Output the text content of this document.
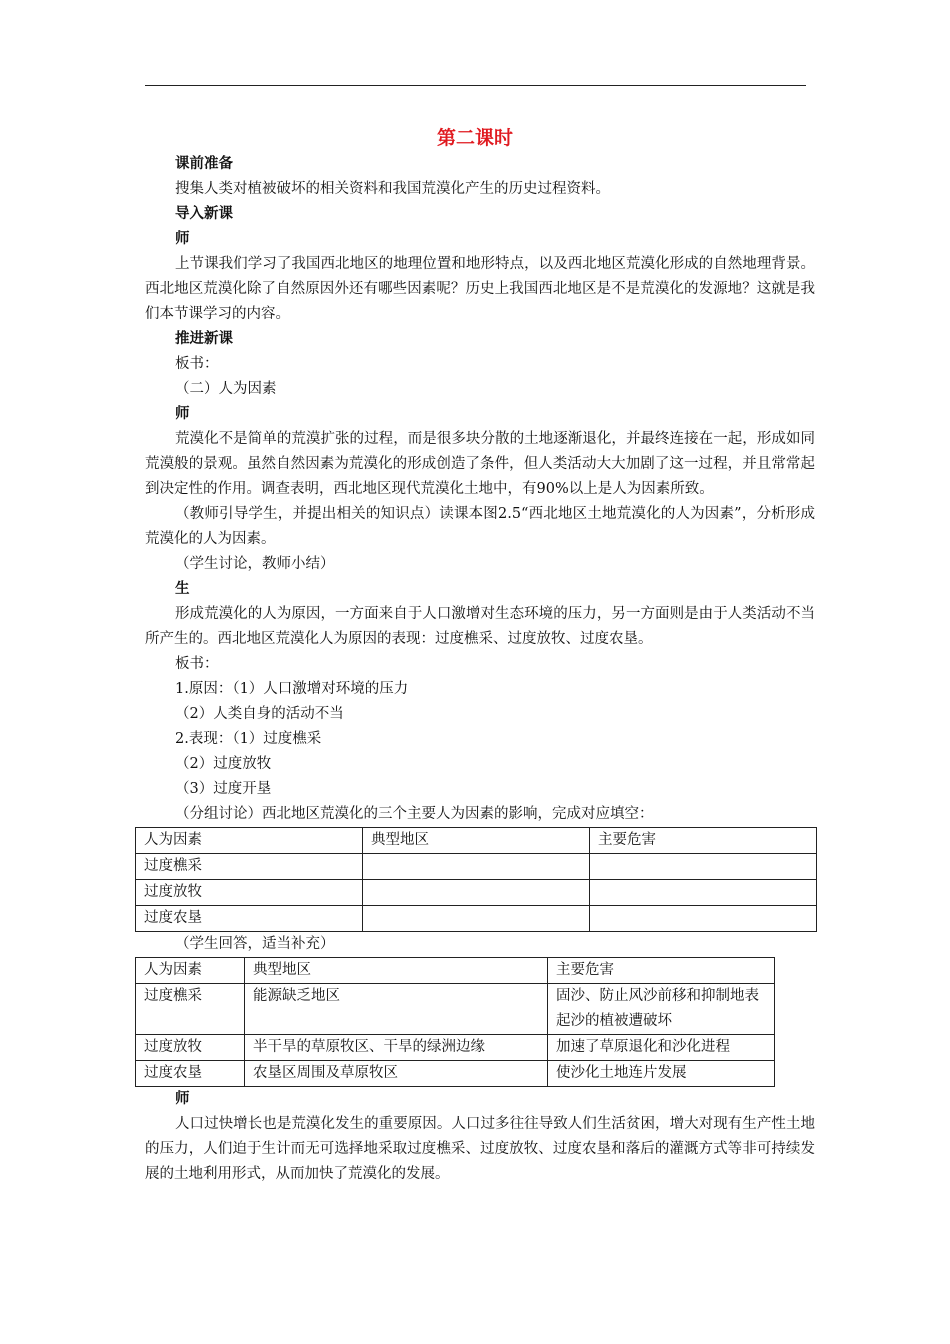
第二课时
课前准备
搜集人类对植被破坏的相关资料和我国荒漠化产生的历史过程资料。
导入新课
师
上节课我们学习了我国西北地区的地理位置和地形特点，以及西北地区荒漠化形成的自然地理背景。西北地区荒漠化除了自然原因外还有哪些因素呢？历史上我国西北地区是不是荒漠化的发源地？这就是我们本节课学习的内容。
推进新课
板书：
（二）人为因素
师
荒漠化不是简单的荒漠扩张的过程，而是很多块分散的土地逐渐退化，并最终连接在一起，形成如同荒漠般的景观。虽然自然因素为荒漠化的形成创造了条件，但人类活动大大加剧了这一过程，并且常常起到决定性的作用。调查表明，西北地区现代荒漠化土地中，有90%以上是人为因素所致。
（教师引导学生，并提出相关的知识点）读课本图2.5“西北地区土地荒漠化的人为因素”，分析形成荒漠化的人为因素。
（学生讨论，教师小结）
生
形成荒漠化的人为原因，一方面来自于人口激增对生态环境的压力，另一方面则是由于人类活动不当所产生的。西北地区荒漠化人为原因的表现：过度樵采、过度放牧、过度农垦。
板书：
1.原因：（1）人口激增对环境的压力
（2）人类自身的活动不当
2.表现：（1）过度樵采
（2）过度放牧
（3）过度开垦
（分组讨论）西北地区荒漠化的三个主要人为因素的影响，完成对应填空：
人为因素	典型地区	主要危害
过度樵采		
过度放牧		
过度农垦		
（学生回答，适当补充）
人为因素	典型地区	主要危害
过度樵采	能源缺乏地区	固沙、防止风沙前移和抑制地表起沙的植被遭破坏
过度放牧	半干旱的草原牧区、干旱的绿洲边缘	加速了草原退化和沙化进程
过度农垦	农垦区周围及草原牧区	使沙化土地连片发展
师
人口过快增长也是荒漠化发生的重要原因。人口过多往往导致人们生活贫困，增大对现有生产性土地的压力，人们迫于生计而无可选择地采取过度樵采、过度放牧、过度农垦和落后的灌溉方式等非可持续发展的土地利用形式，从而加快了荒漠化的发展。
